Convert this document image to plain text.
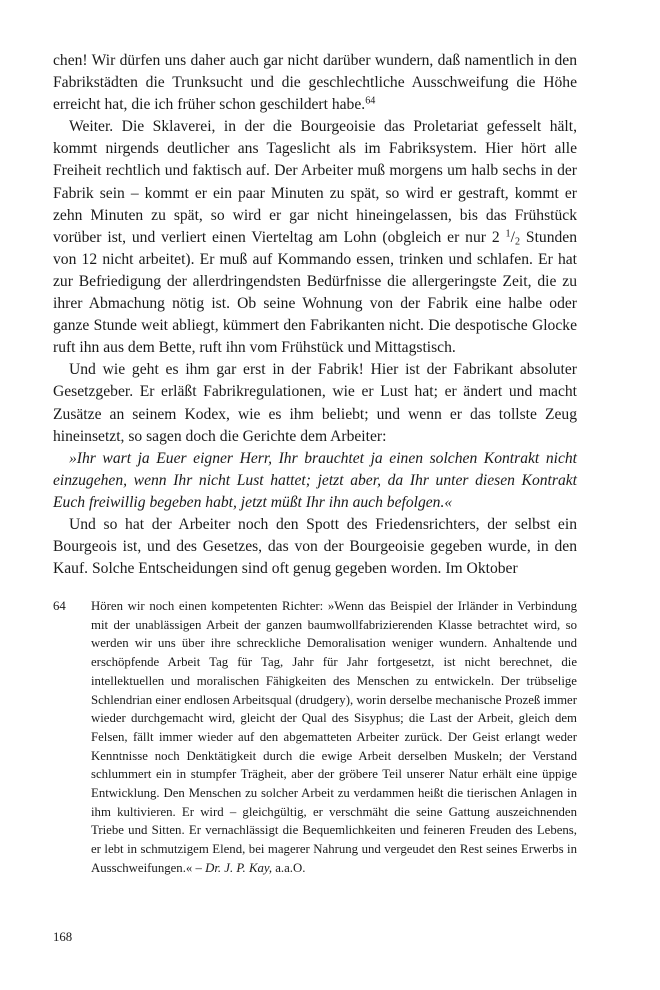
chen! Wir dürfen uns daher auch gar nicht darüber wundern, daß namentlich in den Fabrikstädten die Trunksucht und die geschlechtliche Ausschweifung die Höhe erreicht hat, die ich früher schon geschildert habe.$^{64}$

Weiter. Die Sklaverei, in der die Bourgeoisie das Proletariat gefesselt hält, kommt nirgends deutlicher ans Tageslicht als im Fabriksystem. Hier hört alle Freiheit rechtlich und faktisch auf. Der Arbeiter muß morgens um halb sechs in der Fabrik sein – kommt er ein paar Minuten zu spät, so wird er gestraft, kommt er zehn Minuten zu spät, so wird er gar nicht hineingelassen, bis das Frühstück vorüber ist, und verliert einen Vierteltag am Lohn (obgleich er nur 2 $^1/_2$ Stunden von 12 nicht arbeitet). Er muß auf Kommando essen, trinken und schlafen. Er hat zur Befriedigung der allerdringendsten Bedürfnisse die allergeringste Zeit, die zu ihrer Abmachung nötig ist. Ob seine Wohnung von der Fabrik eine halbe oder ganze Stunde weit abliegt, kümmert den Fabrikanten nicht. Die despotische Glocke ruft ihn aus dem Bette, ruft ihn vom Frühstück und Mittagstisch.

Und wie geht es ihm gar erst in der Fabrik! Hier ist der Fabrikant absoluter Gesetzgeber. Er erläßt Fabrikregulationen, wie er Lust hat; er ändert und macht Zusätze an seinem Kodex, wie es ihm beliebt; und wenn er das tollste Zeug hineinsetzt, so sagen doch die Gerichte dem Arbeiter:

»Ihr wart ja Euer eigner Herr, Ihr brauchtet ja einen solchen Kontrakt nicht einzugehen, wenn Ihr nicht Lust hattet; jetzt aber, da Ihr unter diesen Kontrakt Euch freiwillig begeben habt, jetzt müßt Ihr ihn auch befolgen.«

Und so hat der Arbeiter noch den Spott des Friedensrichters, der selbst ein Bourgeois ist, und des Gesetzes, das von der Bourgeoisie gegeben wurde, in den Kauf. Solche Entscheidungen sind oft genug gegeben worden. Im Oktober

64 Hören wir noch einen kompetenten Richter: »Wenn das Beispiel der Irländer in Verbindung mit der unablässigen Arbeit der ganzen baumwollfabrizierenden Klasse betrachtet wird, so werden wir uns über ihre schreckliche Demoralisation weniger wundern. Anhaltende und erschöpfende Arbeit Tag für Tag, Jahr für Jahr fortgesetzt, ist nicht berechnet, die intellektuellen und moralischen Fähigkeiten des Menschen zu entwickeln. Der trübselige Schlendrian einer endlosen Arbeitsqual (drudgery), worin derselbe mechanische Prozeß immer wieder durchgemacht wird, gleicht der Qual des Sisyphus; die Last der Arbeit, gleich dem Felsen, fällt immer wieder auf den abgematteten Arbeiter zurück. Der Geist erlangt weder Kenntnisse noch Denktätigkeit durch die ewige Arbeit derselben Muskeln; der Verstand schlummert ein in stumpfer Trägheit, aber der gröbere Teil unserer Natur erhält eine üppige Entwicklung. Den Menschen zu solcher Arbeit zu verdammen heißt die tierischen Anlagen in ihm kultivieren. Er wird – gleichgültig, er verschmäht die seine Gattung auszeichnenden Triebe und Sitten. Er vernachlässigt die Bequemlichkeiten und feineren Freuden des Lebens, er lebt in schmutzigem Elend, bei magerer Nahrung und vergeudet den Rest seines Erwerbs in Ausschweifungen.« – Dr. J. P. Kay, a.a.O.
168
